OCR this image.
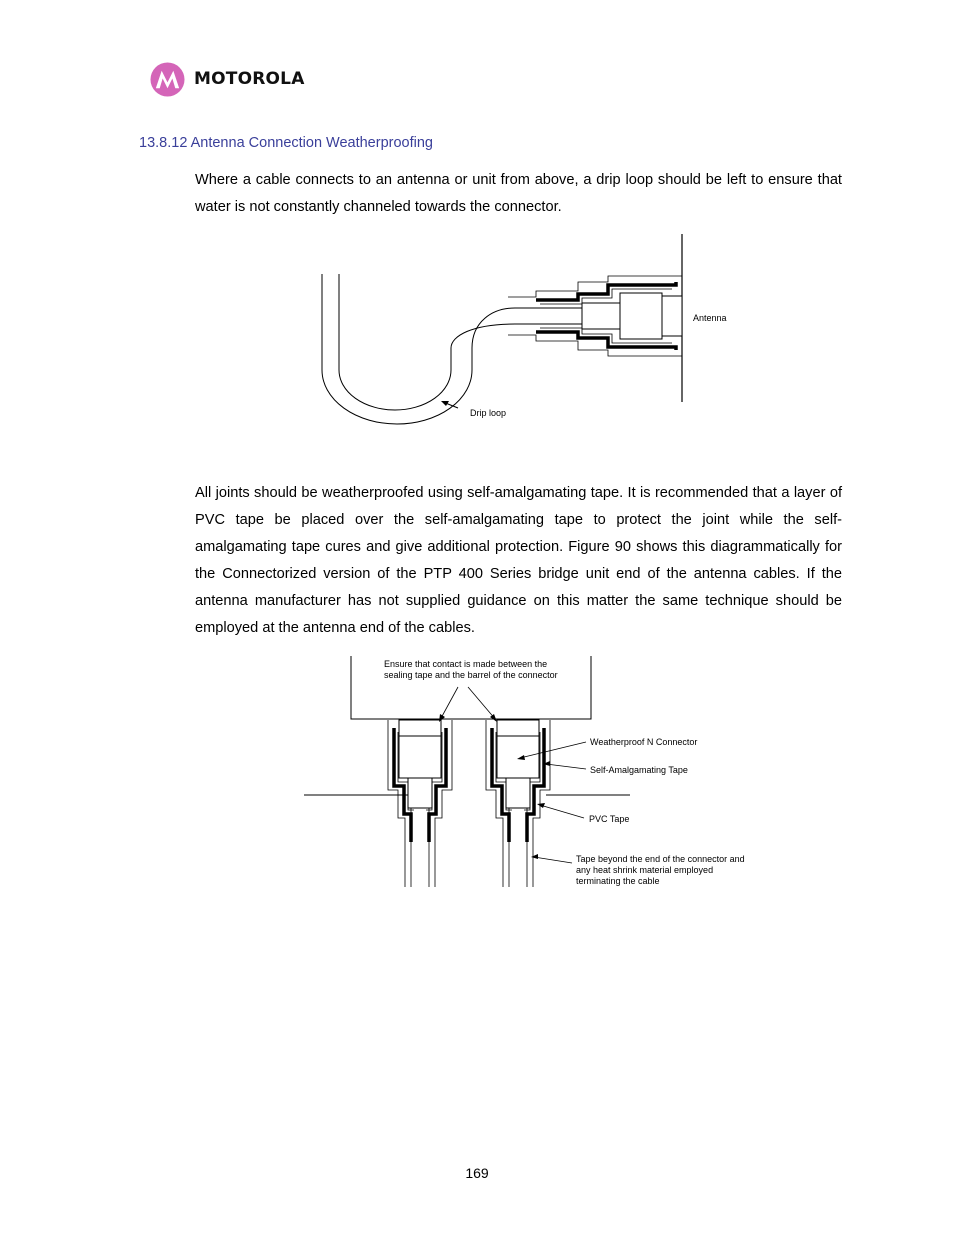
MOTOROLA
13.8.12 Antenna Connection Weatherproofing

Where a cable connects to an antenna or unit from above, a drip loop should be left to ensure that water is not constantly channeled towards the connector.

Antenna

Drip loop

All joints should be weatherproofed using self-amalgamating tape. It is recommended that a layer of PVC tape be placed over the self-amalgamating tape to protect the joint while the self-amalgamating tape cures and give additional protection. Figure 90 shows this diagrammatically for the Connectorized version of the PTP 400 Series bridge unit end of the antenna cables. If the antenna manufacturer has not supplied guidance on this matter the same technique should be employed at the antenna end of the cables.

Ensure that contact is made between the sealing tape and the barrel of the connector

Weatherproof N Connector

Self-Amalgamating Tape

PVC Tape

Tape beyond the end of the connector and any heat shrink material employed terminating the cable

169
